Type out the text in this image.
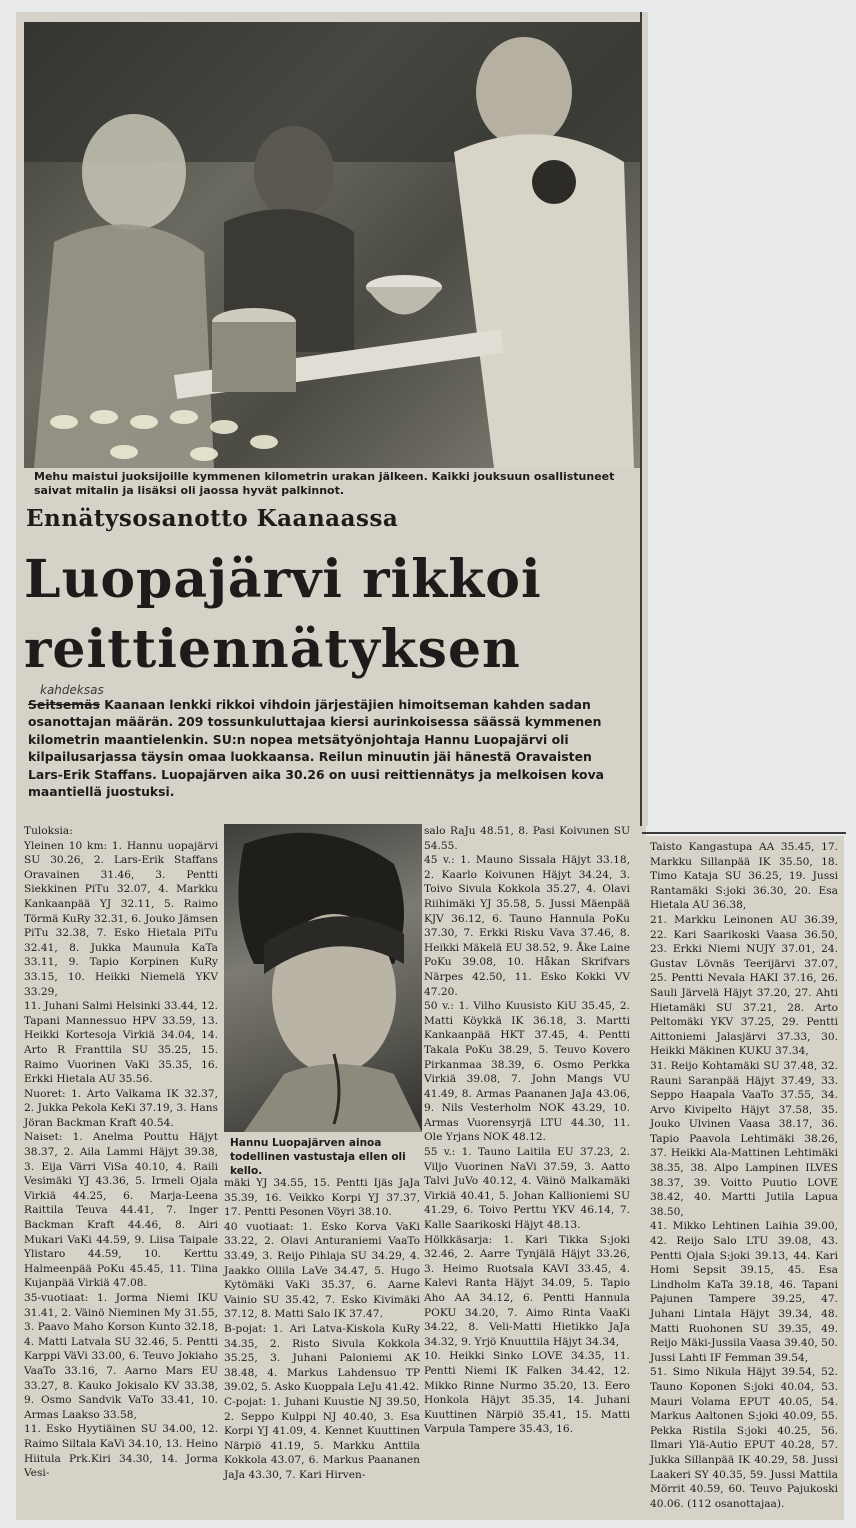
Mehu maistui juoksijoille kymmenen kilometrin urakan jälkeen. Kaikki jouksuun osallistuneet saivat mitalin ja lisäksi oli jaossa hyvät palkinnot.

Ennätysosanotto Kaanaassa
Luopajärvi rikkoi reittiennätyksen
kahdeksas

Seitsemäs Kaanaan lenkki rikkoi vihdoin järjestäjien himoitseman kahden sadan osanottajan määrän. 209 tossunkuluttajaa kiersi aurinkoisessa säässä kymmenen kilometrin maantielenkin. SU:n nopea metsätyönjohtaja Hannu Luopajärvi oli kilpailusarjassa täysin omaa luokkaansa. Reilun minuutin jäi hänestä Oravaisten Lars-Erik Staffans. Luopajärven aika 30.26 on uusi reittiennätys ja melkoisen kova maantiellä juostuksi.

Tuloksia:
Yleinen 10 km: 1. Hannu uopajärvi SU 30.26, 2. Lars-Erik Staffans Oravainen 31.46, 3. Pentti Siekkinen PiTu 32.07, 4. Markku Kankaanpää YJ 32.11, 5. Raimo Törmä KuRy 32.31, 6. Jouko Jämsen PiTu 32.38, 7. Esko Hietala PiTu 32.41, 8. Jukka Maunula KaTa 33.11, 9. Tapio Korpinen KuRy 33.15, 10. Heikki Niemelä YKV 33.29,
11. Juhani Salmi Helsinki 33.44, 12. Tapani Mannessuo HPV 33.59, 13. Heikki Kortesoja Virkiä 34.04, 14. Arto R Franttila SU 35.25, 15. Raimo Vuorinen VaKi 35.35, 16. Erkki Hietala AU 35.56.
Nuoret: 1. Arto Valkama IK 32.37, 2. Jukka Pekola KeKi 37.19, 3. Hans Jöran Backman Kraft 40.54.
Naiset: 1. Anelma Pouttu Häjyt 38.37, 2. Aila Lammi Häjyt 39.38, 3. Eija Värri ViSa 40.10, 4. Raili Vesimäki YJ 43.36, 5. Irmeli Ojala Virkiä 44.25, 6. Marja-Leena Raittila Teuva 44.41, 7. Inger Backman Kraft 44.46, 8. Airi Mukari VaKi 44.59, 9. Liisa Taipale Ylistaro 44.59, 10. Kerttu Halmeenpää PoKu 45.45, 11. Tiina Kujanpää Virkiä 47.08.
35-vuotiaat: 1. Jorma Niemi IKU 31.41, 2. Väinö Nieminen My 31.55, 3. Paavo Maho Korson Kunto 32.18, 4. Matti Latvala SU 32.46, 5. Pentti Karppi VäVi 33.00, 6. Teuvo Jokiaho VaaTo 33.16, 7. Aarno Mars EU 33.27, 8. Kauko Jokisalo KV 33.38, 9. Osmo Sandvik VaTo 33.41, 10. Armas Laakso 33.58,
11. Esko Hyytiäinen SU 34.00, 12. Raimo Siltala KaVi 34.10, 13. Heino Hiitula Prk.Kiri 34.30, 14. Jorma Vesi-

Hannu Luopajärven ainoa todellinen vastustaja ellen oli kello.

mäki YJ 34.55, 15. Pentti Ijäs JaJa 35.39, 16. Veikko Korpi YJ 37.37, 17. Pentti Pesonen Vöyri 38.10.
40 vuotiaat: 1. Esko Korva VaKi 33.22, 2. Olavi Anturaniemi VaaTo 33.49, 3. Reijo Pihlaja SU 34.29, 4. Jaakko Ollila LaVe 34.47, 5. Hugo Kytömäki VaKi 35.37, 6. Aarne Vainio SU 35.42, 7. Esko Kivimäki 37.12, 8. Matti Salo IK 37.47.
B-pojat: 1. Ari Latva-Kiskola KuRy 34.35, 2. Risto Sivula Kokkola 35.25, 3. Juhani Paloniemi AK 38.48, 4. Markus Lahdensuo TP 39.02, 5. Asko Kuoppala LeJu 41.42.
C-pojat: 1. Juhani Kuustie NJ 39.50, 2. Seppo Kulppi NJ 40.40, 3. Esa Korpi YJ 41.09, 4. Kennet Kuuttinen Närpiö 41.19, 5. Markku Anttila Kokkola 43.07, 6. Markus Paananen JaJa 43.30, 7. Kari Hirven-

salo RaJu 48.51, 8. Pasi Koivunen SU 54.55.
45 v.: 1. Mauno Sissala Häjyt 33.18, 2. Kaarlo Koivunen Häjyt 34.24, 3. Toivo Sivula Kokkola 35.27, 4. Olavi Riihimäki YJ 35.58, 5. Jussi Mäenpää KJV 36.12, 6. Tauno Hannula PoKu 37.30, 7. Erkki Risku Vava 37.46, 8. Heikki Mäkelä EU 38.52, 9. Åke Laine PoKu 39.08, 10. Håkan Skrifvars Närpes 42.50, 11. Esko Kokki VV 47.20.
50 v.: 1. Vilho Kuusisto KiU 35.45, 2. Matti Köykkä IK 36.18, 3. Martti Kankaanpää HKT 37.45, 4. Pentti Takala PoKu 38.29, 5. Teuvo Kovero Pirkanmaa 38.39, 6. Osmo Perkka Virkiä 39.08, 7. John Mangs VU 41.49, 8. Armas Paananen JaJa 43.06, 9. Nils Vesterholm NOK 43.29, 10. Armas Vuorensyrjä LTU 44.30, 11. Ole Yrjans NOK 48.12.
55 v.: 1. Tauno Laitila EU 37.23, 2. Viljo Vuorinen NaVi 37.59, 3. Aatto Talvi JuVo 40.12, 4. Väinö Malkamäki Virkiä 40.41, 5. Johan Kallioniemi SU 41.29, 6. Toivo Perttu YKV 46.14, 7. Kalle Saarikoski Häjyt 48.13.
Hölkkäsarja: 1. Kari Tikka S:joki 32.46, 2. Aarre Tynjälä Häjyt 33.26, 3. Heimo Ruotsala KAVI 33.45, 4. Kalevi Ranta Häjyt 34.09, 5. Tapio Aho AA 34.12, 6. Pentti Hannula POKU 34.20, 7. Aimo Rinta VaaKi 34.22, 8. Veli-Matti Hietikko JaJa 34.32, 9. Yrjö Knuuttila Häjyt 34.34,
10. Heikki Sinko LOVE 34.35, 11. Pentti Niemi IK Falken 34.42, 12. Mikko Rinne Nurmo 35.20, 13. Eero Honkola Häjyt 35.35, 14. Juhani Kuuttinen Närpiö 35.41, 15. Matti Varpula Tampere 35.43, 16.

Taisto Kangastupa AA 35.45, 17. Markku Sillanpää IK 35.50, 18. Timo Kataja SU 36.25, 19. Jussi Rantamäki S:joki 36.30, 20. Esa Hietala AU 36.38,
21. Markku Leinonen AU 36.39, 22. Kari Saarikoski Vaasa 36.50, 23. Erkki Niemi NUJY 37.01, 24. Gustav Lövnäs Teerijärvi 37.07, 25. Pentti Nevala HAKI 37.16, 26. Sauli Järvelä Häjyt 37.20, 27. Ahti Hietamäki SU 37.21, 28. Arto Peltomäki YKV 37.25, 29. Pentti Aittoniemi Jalasjärvi 37.33, 30. Heikki Mäkinen KUKU 37.34,
31. Reijo Kohtamäki SU 37.48, 32. Rauni Saranpää Häjyt 37.49, 33. Seppo Haapala VaaTo 37.55, 34. Arvo Kivipelto Häjyt 37.58, 35. Jouko Ulvinen Vaasa 38.17, 36. Tapio Paavola Lehtimäki 38.26, 37. Heikki Ala-Mattinen Lehtimäki 38.35, 38. Alpo Lampinen ILVES 38.37, 39. Voitto Puutio LOVE 38.42, 40. Martti Jutila Lapua 38.50,
41. Mikko Lehtinen Laihia 39.00, 42. Reijo Salo LTU 39.08, 43. Pentti Ojala S:joki 39.13, 44. Kari Homi Sepsit 39.15, 45. Esa Lindholm KaTa 39.18, 46. Tapani Pajunen Tampere 39.25, 47. Juhani Lintala Häjyt 39.34, 48. Matti Ruohonen SU 39.35, 49. Reijo Mäki-Jussila Vaasa 39.40, 50. Jussi Lahti IF Femman 39.54,
51. Simo Nikula Häjyt 39.54, 52. Tauno Koponen S:joki 40.04, 53. Mauri Volama EPUT 40.05, 54. Markus Aaltonen S:joki 40.09, 55. Pekka Ristila S:joki 40.25, 56. Ilmari Ylä-Autio EPUT 40.28, 57. Jukka Sillanpää IK 40.29, 58. Jussi Laakeri SY 40.35, 59. Jussi Mattila Mörrit 40.59, 60. Teuvo Pajukoski 40.06. (112 osanottajaa).
